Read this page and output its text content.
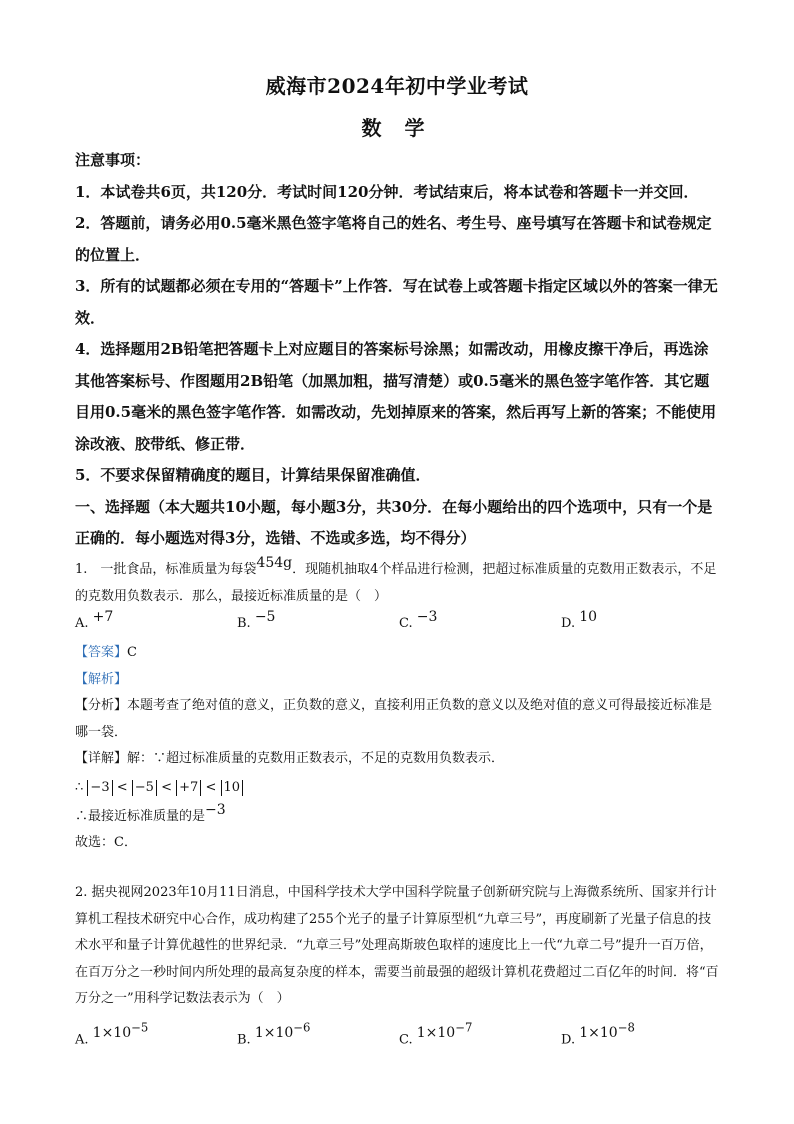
威海市2024年初中学业考试
数 学

注意事项：

1．本试卷共6页，共120分．考试时间120分钟．考试结束后，将本试卷和答题卡一并交回．

2．答题前，请务必用0.5毫米黑色签字笔将自己的姓名、考生号、座号填写在答题卡和试卷规定的位置上．

3．所有的试题都必须在专用的“答题卡”上作答．写在试卷上或答题卡指定区域以外的答案一律无效．

4．选择题用2B铅笔把答题卡上对应题目的答案标号涂黑；如需改动，用橡皮擦干净后，再选涂其他答案标号、作图题用2B铅笔（加黑加粗，描写清楚）或0.5毫米的黑色签字笔作答．其它题目用0.5毫米的黑色签字笔作答．如需改动，先划掉原来的答案，然后再写上新的答案；不能使用涂改液、胶带纸、修正带．

5．不要求保留精确度的题目，计算结果保留准确值．

一、选择题（本大题共10小题，每小题3分，共30分．在每小题给出的四个选项中，只有一个是正确的．每小题选对得3分，选错、不选或多选，均不得分）

1.　一批食品，标准质量为每袋454g．现随机抽取4个样品进行检测，把超过标准质量的克数用正数表示，不足的克数用负数表示．那么，最接近标准质量的是（　）

A. +7	B. −5	C. −3	D. 10

【答案】C

【解析】

【分析】本题考查了绝对值的意义，正负数的意义，直接利用正负数的意义以及绝对值的意义可得最接近标准是哪一袋．

【详解】解：∵超过标准质量的克数用正数表示，不足的克数用负数表示．

∴ −3 < −5 < +7 < 10

∴最接近标准质量的是−3

故选：C．

2. 据央视网2023年10月11日消息，中国科学技术大学中国科学院量子创新研究院与上海微系统所、国家并行计算机工程技术研究中心合作，成功构建了255个光子的量子计算原型机“九章三号”，再度刷新了光量子信息的技术水平和量子计算优越性的世界纪录．“九章三号”处理高斯玻色取样的速度比上一代“九章二号”提升一百万倍，在百万分之一秒时间内所处理的最高复杂度的样本，需要当前最强的超级计算机花费超过二百亿年的时间．将“百万分之一”用科学记数法表示为（　）

A. $1\times 10^{-5}$
B. $1\times 10^{-6}$
C. $1\times 10^{-7}$
D. $1\times 10^{-8}$
